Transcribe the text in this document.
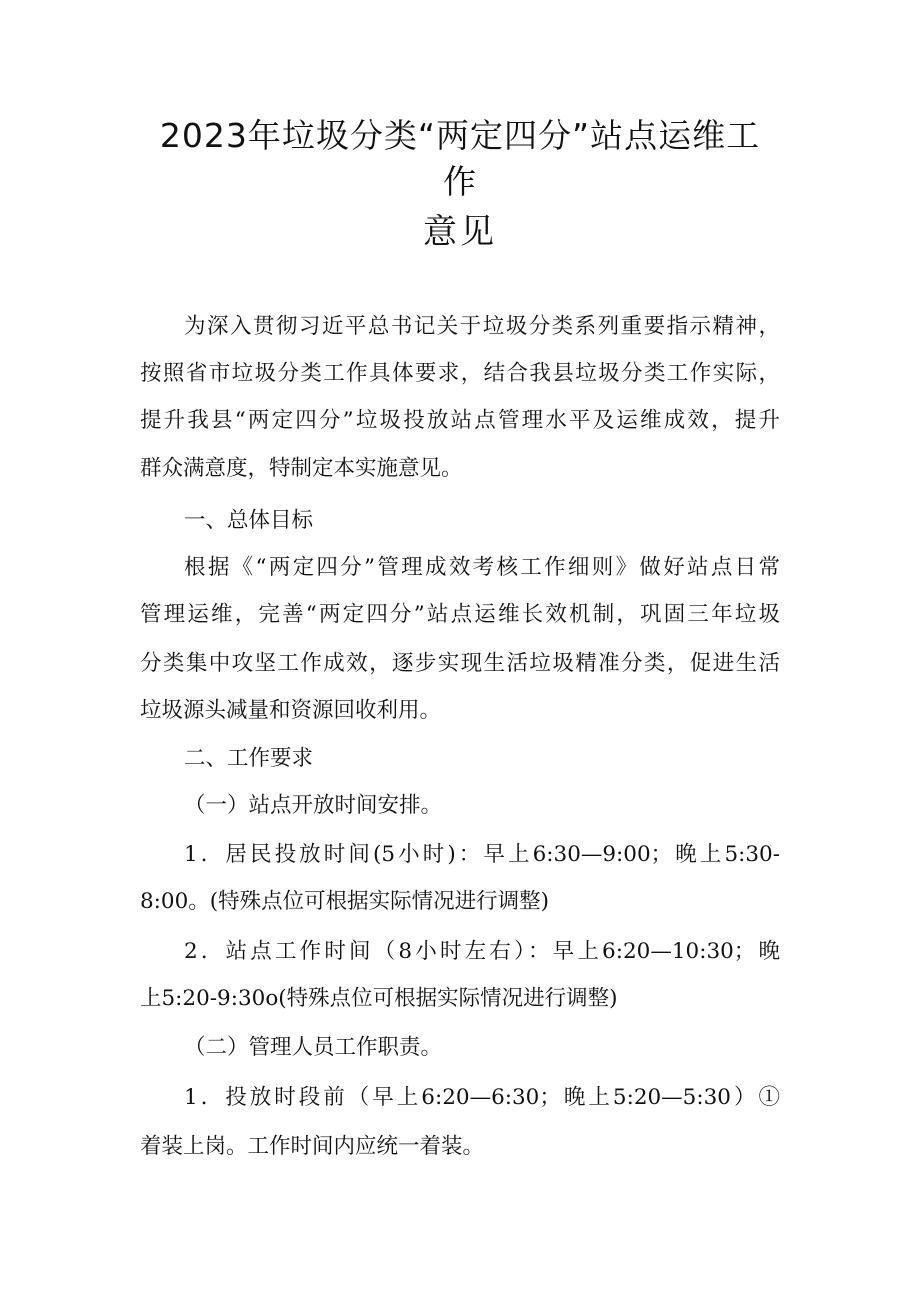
2023年垃圾分类“两定四分”站点运维工
作
意见
为深入贯彻习近平总书记关于垃圾分类系列重要指示精神，
按照省市垃圾分类工作具体要求，结合我县垃圾分类工作实际，
提升我县“两定四分”垃圾投放站点管理水平及运维成效，提升
群众满意度，特制定本实施意见。
一、总体目标
根据《“两定四分”管理成效考核工作细则》做好站点日常
管理运维，完善“两定四分”站点运维长效机制，巩固三年垃圾
分类集中攻坚工作成效，逐步实现生活垃圾精准分类，促进生活
垃圾源头减量和资源回收利用。
二、工作要求
（一）站点开放时间安排。
1．居民投放时间(5小时)：早上6:30—9:00；晚上5:30-
8:00。(特殊点位可根据实际情况进行调整)
2．站点工作时间（8小时左右）：早上6:20—10:30；晚
上5:20-9:30o(特殊点位可根据实际情况进行调整)
（二）管理人员工作职责。
1．投放时段前（早上6:20—6:30；晚上5:20—5:30）①
着装上岗。工作时间内应统一着装。
